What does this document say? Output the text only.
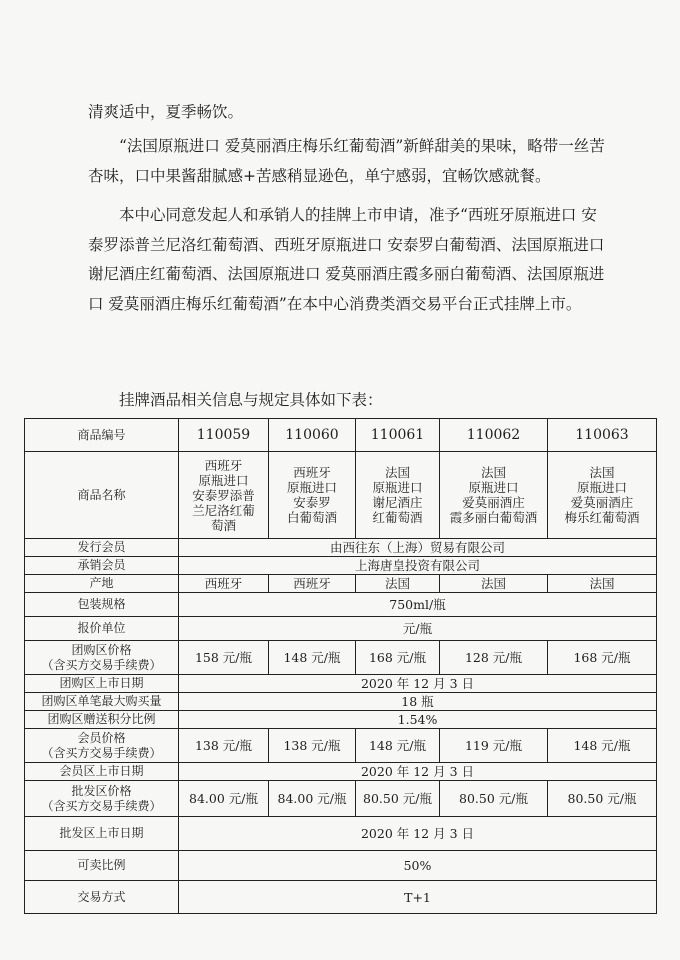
清爽适中，夏季畅饮。

“法国原瓶进口 爱莫丽酒庄梅乐红葡萄酒”新鲜甜美的果味，略带一丝苦杏味，口中果酱甜腻感+苦感稍显逊色，单宁感弱，宜畅饮感就餐。

本中心同意发起人和承销人的挂牌上市申请，准予“西班牙原瓶进口 安泰罗添普兰尼洛红葡萄酒、西班牙原瓶进口 安泰罗白葡萄酒、法国原瓶进口 谢尼酒庄红葡萄酒、法国原瓶进口 爱莫丽酒庄霞多丽白葡萄酒、法国原瓶进口 爱莫丽酒庄梅乐红葡萄酒”在本中心消费类酒交易平台正式挂牌上市。

挂牌酒品相关信息与规定具体如下表：

商品编号	110059	110060	110061	110062	110063
商品名称	西班牙
原瓶进口
安泰罗添普
兰尼洛红葡
萄酒	西班牙
原瓶进口
安泰罗
白葡萄酒	法国
原瓶进口
谢尼酒庄
红葡萄酒	法国
原瓶进口
爱莫丽酒庄
霞多丽白葡萄酒	法国
原瓶进口
爱莫丽酒庄
梅乐红葡萄酒
发行会员	由西往东（上海）贸易有限公司				
承销会员	上海唐皇投资有限公司				
产地	西班牙	西班牙	法国	法国	法国
包装规格	750ml/瓶				
报价单位	元/瓶				
团购区价格
（含买方交易手续费）	158 元/瓶	148 元/瓶	168 元/瓶	128 元/瓶	168 元/瓶
团购区上市日期	2020 年 12 月 3 日				
团购区单笔最大购买量	18 瓶				
团购区赠送积分比例	1.54%				
会员价格
（含买方交易手续费）	138 元/瓶	138 元/瓶	148 元/瓶	119 元/瓶	148 元/瓶
会员区上市日期	2020 年 12 月 3 日				
批发区价格
（含买方交易手续费）	84.00 元/瓶	84.00 元/瓶	80.50 元/瓶	80.50 元/瓶	80.50 元/瓶
批发区上市日期	2020 年 12 月 3 日				
可卖比例	50%				
交易方式	T+1				
